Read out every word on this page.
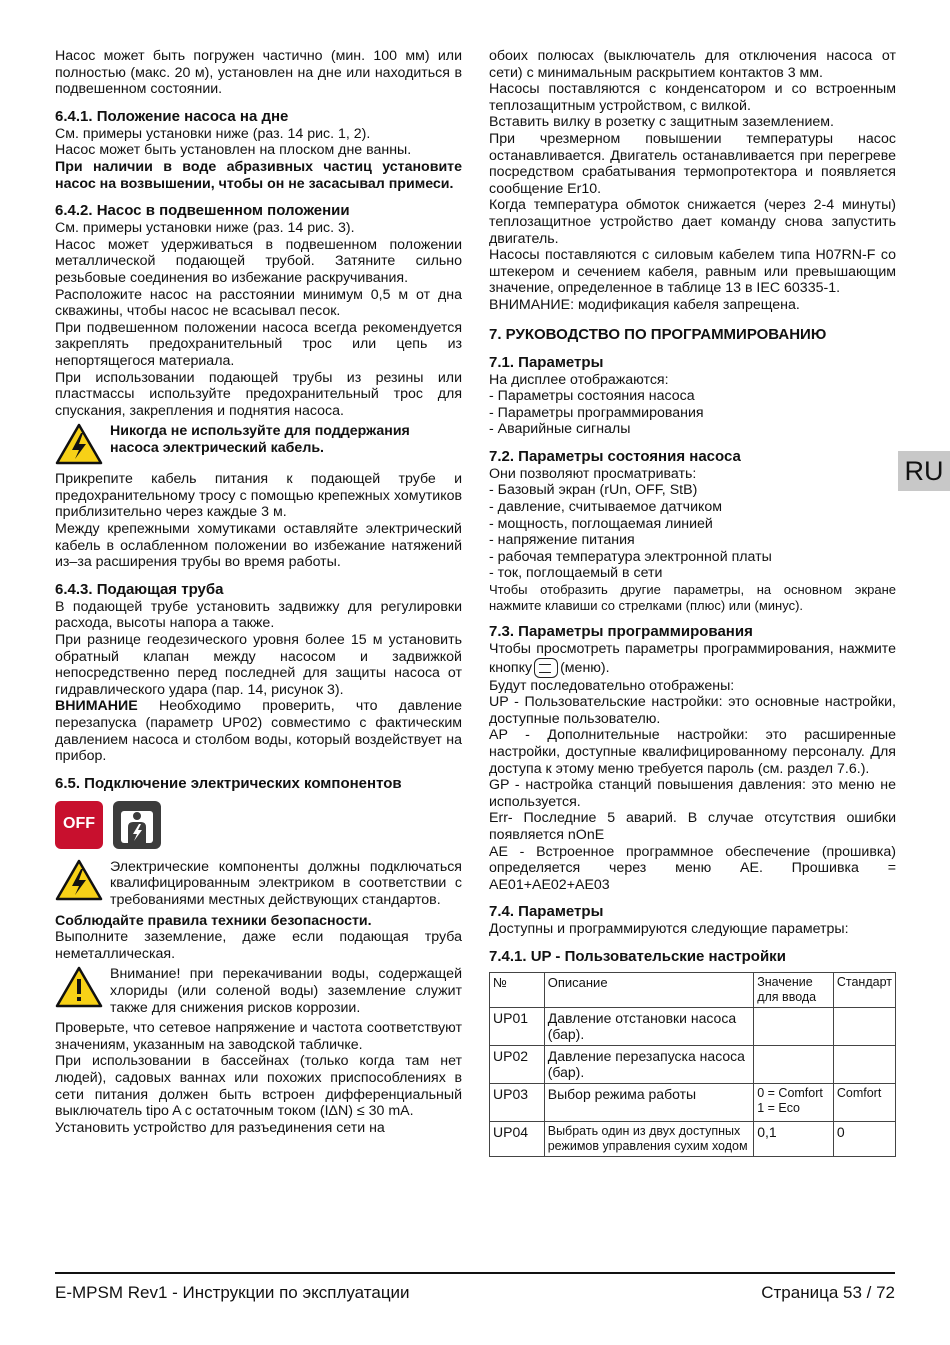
Насос может быть погружен частично (мин. 100 мм) или полностью (макс. 20 м), установлен на дне или находиться в подвешенном состоянии.

6.4.1. Положение насоса на дне

См. примеры установки ниже (раз. 14 рис. 1, 2).

Насос может быть установлен на плоском дне ванны.

При наличии в воде абразивных частиц установите насос на возвышении, чтобы он не засасывал примеси.

6.4.2. Насос в подвешенном положении

См. примеры установки ниже (раз. 14 рис. 3).

Насос может удерживаться в подвешенном положении металлической подающей трубой. Затяните сильно резьбовые соединения во избежание раскручивания.

Расположите насос на расстоянии минимум 0,5 м от дна скважины, чтобы насос не всасывал песок.

При подвешенном положении насоса всегда рекомендуется закреплять предохранительный трос или цепь из непортящегося материала.

При использовании подающей трубы из резины или пластмассы используйте предохранительный трос для спускания, закрепления и поднятия насоса.

Никогда не используйте для поддержания насоса электрический кабель.

Прикрепите кабель питания к подающей трубе и предохранительному тросу с помощью крепежных хомутиков приблизительно через каждые 3 м.

Между крепежными хомутиками оставляйте электрический кабель в ослабленном положении во избежание натяжений из–за расширения трубы во время работы.

6.4.3. Подающая труба

В подающей трубе установить задвижку для регулировки расхода, высоты напора а также.

При разнице геодезического уровня более 15 м установить обратный клапан между насосом и задвижкой непосредственно перед последней для защиты насоса от гидравлического удара (пар. 14, рисунок 3).

ВНИМАНИЕ Необходимо проверить, что давление перезапуска (параметр UP02) совместимо с фактическим давлением насоса и столбом воды, который воздействует на прибор.

6.5. Подключение электрических компонентов
OFF
Электрические компоненты должны подключаться квалифицированным электриком в соответствии с требованиями местных действующих стандартов.

Соблюдайте правила техники безопасности.

Выполните заземление, даже если подающая труба неметаллическая.

Внимание! при перекачивании воды, содержащей хлориды (или соленой воды) заземление служит также для снижения рисков коррозии.

Проверьте, что сетевое напряжение и частота соответствуют значениям, указанным на заводской табличке.

При использовании в бассейнах (только когда там нет людей), садовых ваннах или похожих приспособлениях в сети питания должен быть встроен дифференциальный выключатель tipo A с остаточным током (IΔN) ≤ 30 mA.

Установить устройство для разъединения сети на

обоих полюсах (выключатель для отключения насоса от сети) с минимальным раскрытием контактов 3 мм.

Насосы поставляются с конденсатором и со встроенным теплозащитным устройством, с вилкой.

Вставить вилку в розетку с защитным заземлением.

При чрезмерном повышении температуры насос останавливается. Двигатель останавливается при перегреве посредством срабатывания термопротектора и появляется сообщение Er10.

Когда температура обмоток снижается (через 2-4 минуты) теплозащитное устройство дает команду снова запустить двигатель.

Насосы поставляются с силовым кабелем типа H07RN-F со штекером и сечением кабеля, равным или превышающим значение, определенное в таблице 13 в IEC 60335-1.

ВНИМАНИЕ: модификация кабеля запрещена.

7. РУКОВОДСТВО ПО ПРОГРАММИРОВАНИЮ
7.1. Параметры
На дисплее отображаются:
- Параметры состояния насоса
- Параметры программирования
- Аварийные сигналы
7.2. Параметры состояния насоса
Они позволяют просматривать:
- Базовый экран (rUn, OFF, StB)
- давление, считываемое датчиком
- мощность, поглощаемая линией
- напряжение питания
- рабочая температура электронной платы
- ток, поглощаемый в сети

Чтобы отобразить другие параметры, на основном экране нажмите клавиши со стрелками (плюс) или (минус).

7.3. Параметры программирования

Чтобы просмотреть параметры программирования, нажмите кнопку (меню).

Будут последовательно отображены:

UP - Пользовательские настройки: это основные настройки, доступные пользователю.

AP - Дополнительные настройки: это расширенные настройки, доступные квалифицированному персоналу. Для доступа к этому меню требуется пароль (см. раздел 7.6.).

GP - настройка станций повышения давления: это меню не используется.

Err- Последние 5 аварий. В случае отсутствия ошибки появляется nOnE

AE - Встроенное программное обеспечение (прошивка) определяется через меню AE. Прошивка = AE01+AE02+AE03

7.4. Параметры

Доступны и программируются следующие параметры:

7.4.1. UP - Пользовательские настройки
№	Описание	Значение для ввода	Стандарт
UP01	Давление отстановки насоса (бар).		
UP02	Давление перезапуска насоса (бар).		
UP03	Выбор режима работы	0 = Comfort
1 = Eco	Comfort
UP04	Выбрать один из двух доступных режимов управления сухим ходом	0,1	0
RU
E-MPSM Rev1 - Инструкции по эксплуатации	Страница 53 / 72
